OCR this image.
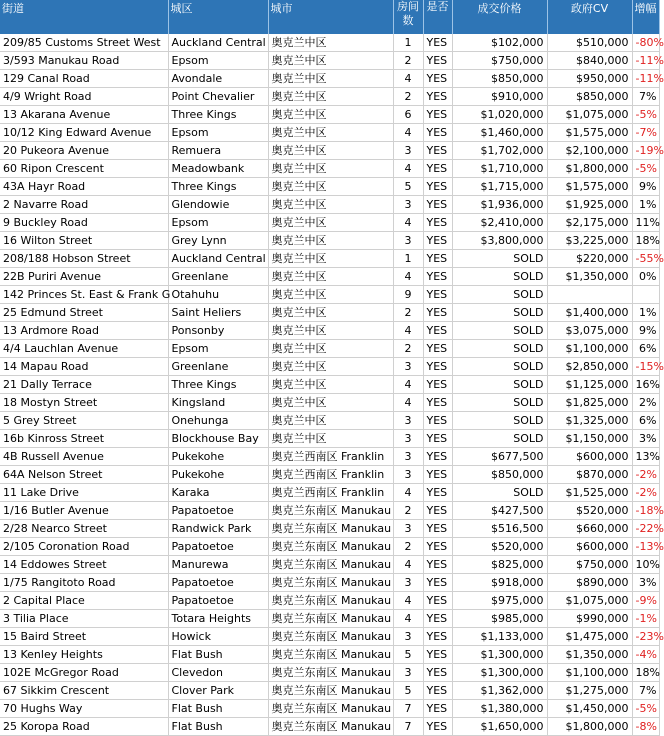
街道	城区	城市	房间数	是否	成交价格	政府CV	增幅
209/85 Customs Street West	Auckland Central	奥克兰中区	1	YES	$102,000	$510,000	-80%
3/593 Manukau Road	Epsom	奥克兰中区	2	YES	$750,000	$840,000	-11%
129 Canal Road	Avondale	奥克兰中区	4	YES	$850,000	$950,000	-11%
4/9 Wright Road	Point Chevalier	奥克兰中区	2	YES	$910,000	$850,000	7%
13 Akarana Avenue	Three Kings	奥克兰中区	6	YES	$1,020,000	$1,075,000	-5%
10/12 King Edward Avenue	Epsom	奥克兰中区	4	YES	$1,460,000	$1,575,000	-7%
20 Pukeora Avenue	Remuera	奥克兰中区	3	YES	$1,702,000	$2,100,000	-19%
60 Ripon Crescent	Meadowbank	奥克兰中区	4	YES	$1,710,000	$1,800,000	-5%
43A Hayr Road	Three Kings	奥克兰中区	5	YES	$1,715,000	$1,575,000	9%
2 Navarre Road	Glendowie	奥克兰中区	3	YES	$1,936,000	$1,925,000	1%
9 Buckley Road	Epsom	奥克兰中区	4	YES	$2,410,000	$2,175,000	11%
16 Wilton Street	Grey Lynn	奥克兰中区	3	YES	$3,800,000	$3,225,000	18%
208/188 Hobson Street	Auckland Central	奥克兰中区	1	YES	SOLD	$220,000	-55%
22B Puriri Avenue	Greenlane	奥克兰中区	4	YES	SOLD	$1,350,000	0%
142 Princes St. East & Frank G	Otahuhu	奥克兰中区	9	YES	SOLD		
25 Edmund Street	Saint Heliers	奥克兰中区	2	YES	SOLD	$1,400,000	1%
13 Ardmore Road	Ponsonby	奥克兰中区	4	YES	SOLD	$3,075,000	9%
4/4 Lauchlan Avenue	Epsom	奥克兰中区	2	YES	SOLD	$1,100,000	6%
14 Mapau Road	Greenlane	奥克兰中区	3	YES	SOLD	$2,850,000	-15%
21 Dally Terrace	Three Kings	奥克兰中区	4	YES	SOLD	$1,125,000	16%
18 Mostyn Street	Kingsland	奥克兰中区	4	YES	SOLD	$1,825,000	2%
5 Grey Street	Onehunga	奥克兰中区	3	YES	SOLD	$1,325,000	6%
16b Kinross Street	Blockhouse Bay	奥克兰中区	3	YES	SOLD	$1,150,000	3%
4B Russell Avenue	Pukekohe	奥克兰西南区 Franklin	3	YES	$677,500	$600,000	13%
64A Nelson Street	Pukekohe	奥克兰西南区 Franklin	3	YES	$850,000	$870,000	-2%
11 Lake Drive	Karaka	奥克兰西南区 Franklin	4	YES	SOLD	$1,525,000	-2%
1/16 Butler Avenue	Papatoetoe	奥克兰东南区 Manukau	2	YES	$427,500	$520,000	-18%
2/28 Nearco Street	Randwick Park	奥克兰东南区 Manukau	3	YES	$516,500	$660,000	-22%
2/105 Coronation Road	Papatoetoe	奥克兰东南区 Manukau	2	YES	$520,000	$600,000	-13%
14 Eddowes Street	Manurewa	奥克兰东南区 Manukau	4	YES	$825,000	$750,000	10%
1/75 Rangitoto Road	Papatoetoe	奥克兰东南区 Manukau	3	YES	$918,000	$890,000	3%
2 Capital Place	Papatoetoe	奥克兰东南区 Manukau	4	YES	$975,000	$1,075,000	-9%
3 Tilia Place	Totara Heights	奥克兰东南区 Manukau	4	YES	$985,000	$990,000	-1%
15 Baird Street	Howick	奥克兰东南区 Manukau	3	YES	$1,133,000	$1,475,000	-23%
13 Kenley Heights	Flat Bush	奥克兰东南区 Manukau	5	YES	$1,300,000	$1,350,000	-4%
102E McGregor Road	Clevedon	奥克兰东南区 Manukau	3	YES	$1,300,000	$1,100,000	18%
67 Sikkim Crescent	Clover Park	奥克兰东南区 Manukau	5	YES	$1,362,000	$1,275,000	7%
70 Hughs Way	Flat Bush	奥克兰东南区 Manukau	7	YES	$1,380,000	$1,450,000	-5%
25 Koropa Road	Flat Bush	奥克兰东南区 Manukau	7	YES	$1,650,000	$1,800,000	-8%
